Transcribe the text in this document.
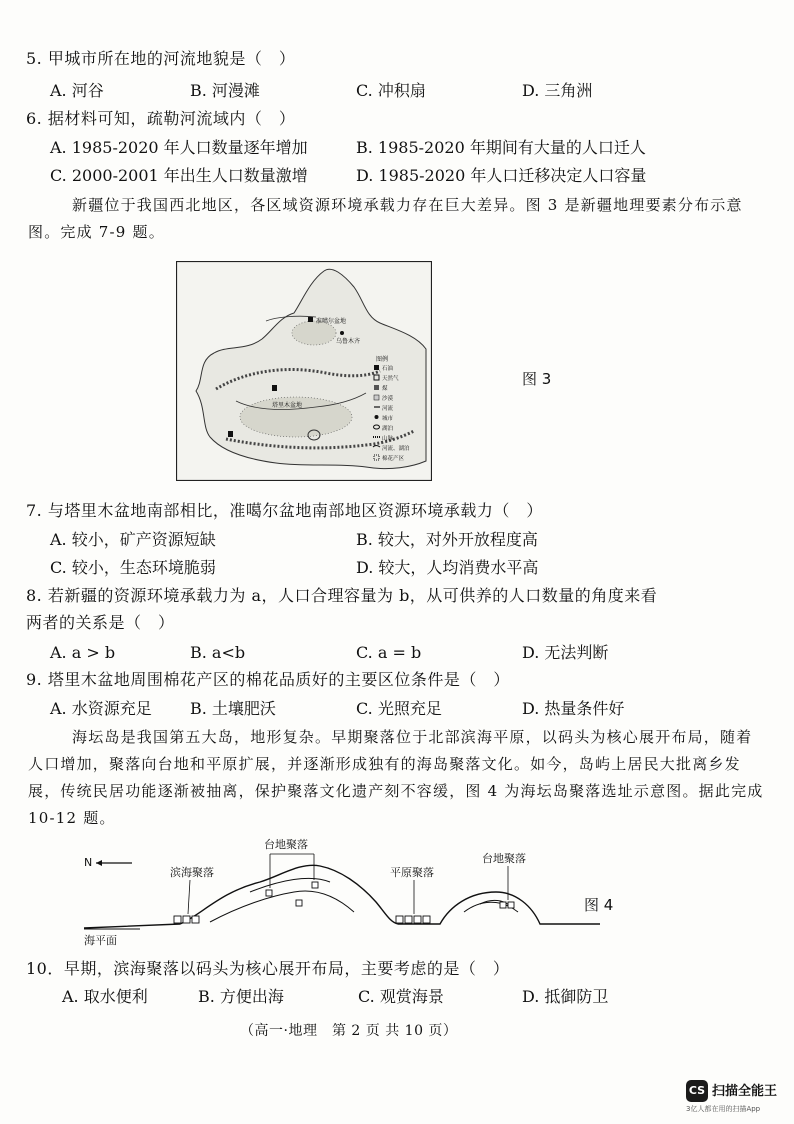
5. 甲城市所在地的河流地貌是（　）
A. 河谷	B. 河漫滩	C. 冲积扇	D. 三角洲
6. 据材料可知，疏勒河流域内（　）
A. 1985-2020 年人口数量逐年增加	B. 1985-2020 年期间有大量的人口迁人
C. 2000-2001 年出生人口数量激增	D. 1985-2020 年人口迁移决定人口容量
新疆位于我国西北地区，各区域资源环境承载力存在巨大差异。图 3 是新疆地理要素分布示意图。完成 7-9 题。
准噶尔盆地
乌鲁木齐
塔里木盆地
图例
石油
天然气
煤
沙漠
河流
城市
湖泊
山脉
河流、湖泊
棉花产区
图 3
7. 与塔里木盆地南部相比，准噶尔盆地南部地区资源环境承载力（　）
A. 较小，矿产资源短缺	B. 较大，对外开放程度高
C. 较小，生态环境脆弱	D. 较大，人均消费水平高
8. 若新疆的资源环境承载力为 a，人口合理容量为 b，从可供养的人口数量的角度来看
两者的关系是（　）
A. a > b	B. a<b	C. a = b	D. 无法判断
9. 塔里木盆地周围棉花产区的棉花品质好的主要区位条件是（　）
A. 水资源充足 B. 土壤肥沃	C. 光照充足	D. 热量条件好
海坛岛是我国第五大岛，地形复杂。早期聚落位于北部滨海平原，以码头为核心展开布局，随着人口增加，聚落向台地和平原扩展，并逐渐形成独有的海岛聚落文化。如今，岛屿上居民大批离乡发展，传统民居功能逐渐被抽离，保护聚落文化遗产刻不容缓，图 4 为海坛岛聚落选址示意图。据此完成 10-12 题。
N
海平面
滨海聚落
台地聚落
平原聚落
台地聚落
图 4
10．早期，滨海聚落以码头为核心展开布局，主要考虑的是（　）
A. 取水便利	B. 方便出海	C. 观赏海景	D. 抵御防卫
（高一·地理　第 2 页 共 10 页）
CS 扫描全能王
3亿人都在用的扫描App
